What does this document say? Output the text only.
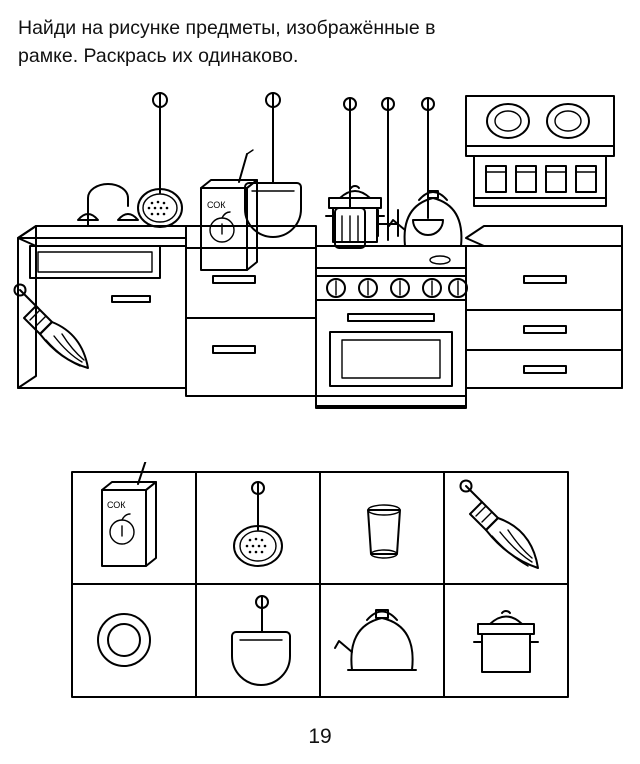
Найди на рисунке предметы, изображённые в
рамке. Раскрась их одинаково.
СОК
СОК
19
